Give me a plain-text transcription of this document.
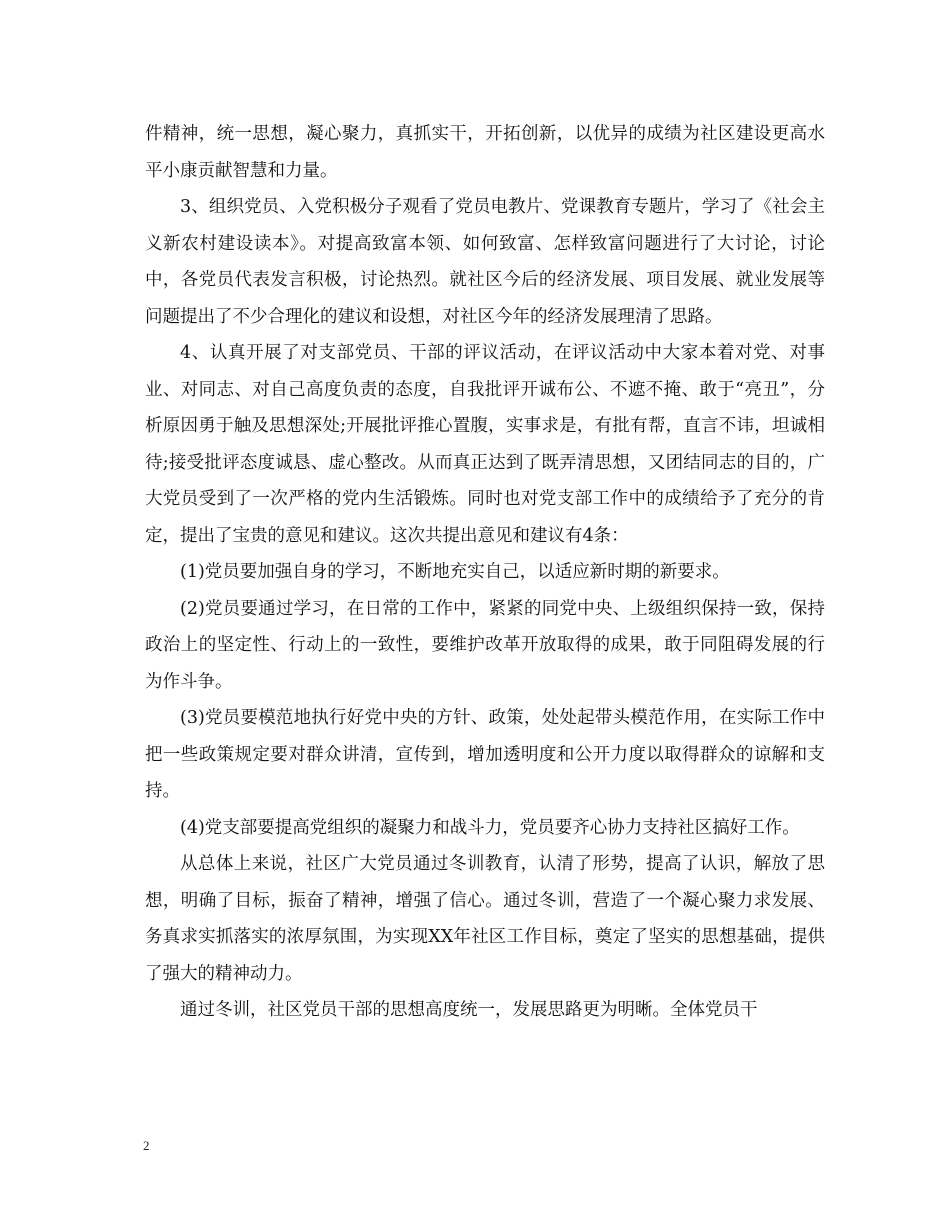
件精神，统一思想，凝心聚力，真抓实干，开拓创新，以优异的成绩为社区建设更高水平小康贡献智慧和力量。

3、组织党员、入党积极分子观看了党员电教片、党课教育专题片，学习了《社会主义新农村建设读本》。对提高致富本领、如何致富、怎样致富问题进行了大讨论，讨论中，各党员代表发言积极，讨论热烈。就社区今后的经济发展、项目发展、就业发展等问题提出了不少合理化的建议和设想，对社区今年的经济发展理清了思路。

4、认真开展了对支部党员、干部的评议活动，在评议活动中大家本着对党、对事业、对同志、对自己高度负责的态度，自我批评开诚布公、不遮不掩、敢于“亮丑”，分析原因勇于触及思想深处;开展批评推心置腹，实事求是，有批有帮，直言不讳，坦诚相待;接受批评态度诚恳、虚心整改。从而真正达到了既弄清思想，又团结同志的目的，广大党员受到了一次严格的党内生活锻炼。同时也对党支部工作中的成绩给予了充分的肯定，提出了宝贵的意见和建议。这次共提出意见和建议有4条：

(1)党员要加强自身的学习，不断地充实自己，以适应新时期的新要求。

(2)党员要通过学习，在日常的工作中，紧紧的同党中央、上级组织保持一致，保持政治上的坚定性、行动上的一致性，要维护改革开放取得的成果，敢于同阻碍发展的行为作斗争。

(3)党员要模范地执行好党中央的方针、政策，处处起带头模范作用，在实际工作中把一些政策规定要对群众讲清，宣传到，增加透明度和公开力度以取得群众的谅解和支持。

(4)党支部要提高党组织的凝聚力和战斗力，党员要齐心协力支持社区搞好工作。

从总体上来说，社区广大党员通过冬训教育，认清了形势，提高了认识，解放了思想，明确了目标，振奋了精神，增强了信心。通过冬训，营造了一个凝心聚力求发展、务真求实抓落实的浓厚氛围，为实现XX年社区工作目标，奠定了坚实的思想基础，提供了强大的精神动力。

通过冬训，社区党员干部的思想高度统一，发展思路更为明晰。全体党员干

2
